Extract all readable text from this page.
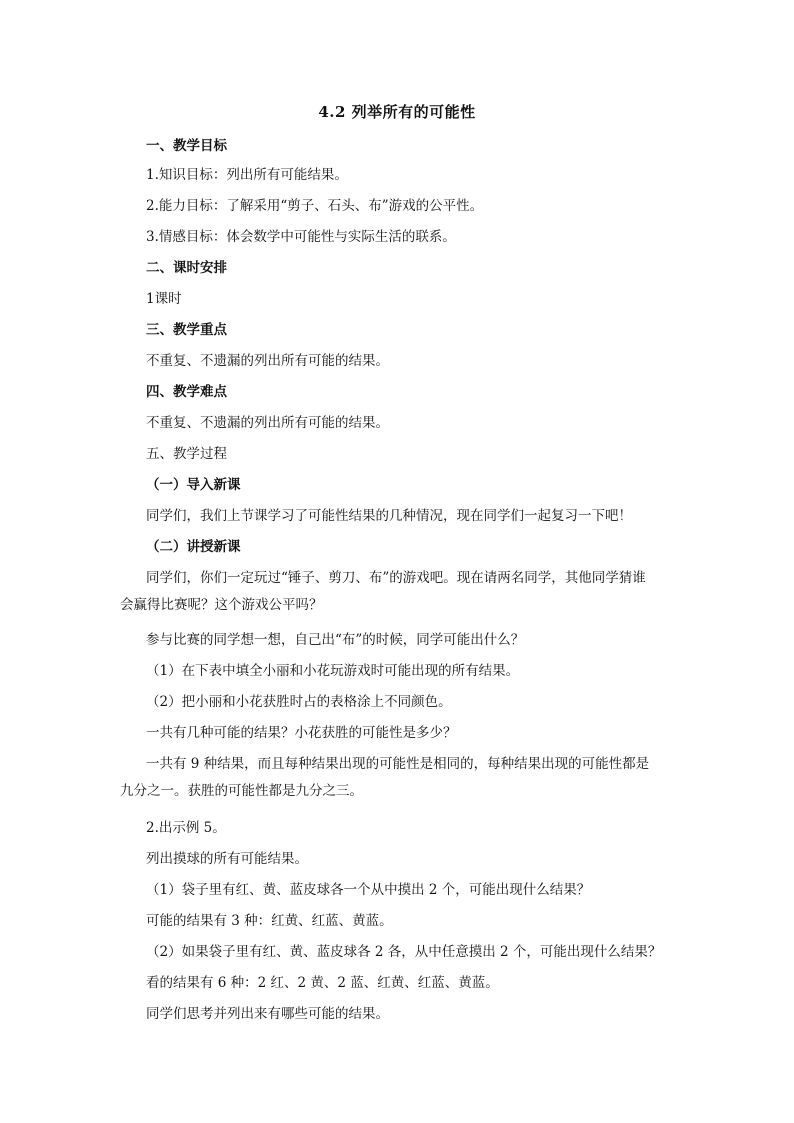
4.2 列举所有的可能性
一、教学目标
1.知识目标：列出所有可能结果。
2.能力目标：了解采用“剪子、石头、布”游戏的公平性。
3.情感目标：体会数学中可能性与实际生活的联系。
二、课时安排
1课时
三、教学重点
不重复、不遗漏的列出所有可能的结果。
四、教学难点
不重复、不遗漏的列出所有可能的结果。
五、教学过程
（一）导入新课
同学们，我们上节课学习了可能性结果的几种情况，现在同学们一起复习一下吧！
（二）讲授新课
同学们，你们一定玩过“锤子、剪刀、布”的游戏吧。现在请两名同学，其他同学猜谁会赢得比赛呢？这个游戏公平吗？
参与比赛的同学想一想，自己出“布”的时候，同学可能出什么？
（1）在下表中填全小丽和小花玩游戏时可能出现的所有结果。
（2）把小丽和小花获胜时占的表格涂上不同颜色。
一共有几种可能的结果？小花获胜的可能性是多少？
一共有 9 种结果，而且每种结果出现的可能性是相同的，每种结果出现的可能性都是九分之一。获胜的可能性都是九分之三。
2.出示例 5。
列出摸球的所有可能结果。
（1）袋子里有红、黄、蓝皮球各一个从中摸出 2 个，可能出现什么结果？
可能的结果有 3 种：红黄、红蓝、黄蓝。
（2）如果袋子里有红、黄、蓝皮球各 2 各，从中任意摸出 2 个，可能出现什么结果？
看的结果有 6 种：2 红、2 黄、2 蓝、红黄、红蓝、黄蓝。
同学们思考并列出来有哪些可能的结果。
